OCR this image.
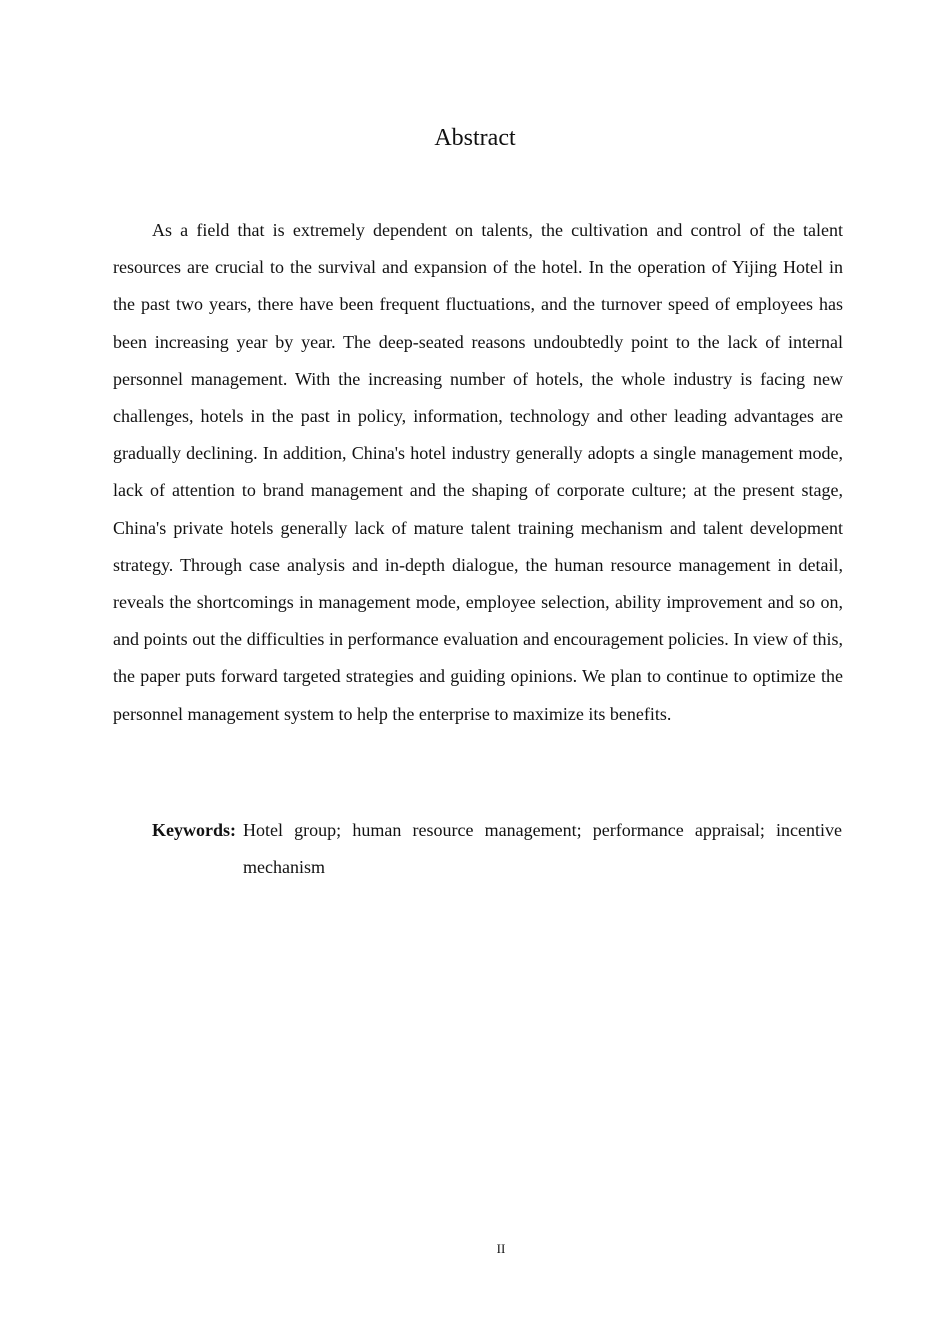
Abstract

As a field that is extremely dependent on talents, the cultivation and control of the talent resources are crucial to the survival and expansion of the hotel. In the operation of Yijing Hotel in the past two years, there have been frequent fluctuations, and the turnover speed of employees has been increasing year by year. The deep-seated reasons undoubtedly point to the lack of internal personnel management. With the increasing number of hotels, the whole industry is facing new challenges, hotels in the past in policy, information, technology and other leading advantages are gradually declining. In addition, China's hotel industry generally adopts a single management mode, lack of attention to brand management and the shaping of corporate culture; at the present stage, China's private hotels generally lack of mature talent training mechanism and talent development strategy. Through case analysis and in-depth dialogue, the human resource management in detail, reveals the shortcomings in management mode, employee selection, ability improvement and so on, and points out the difficulties in performance evaluation and encouragement policies. In view of this, the paper puts forward targeted strategies and guiding opinions. We plan to continue to optimize the personnel management system to help the enterprise to maximize its benefits.

Keywords: Hotel group; human resource management; performance appraisal; incentive mechanism
II
